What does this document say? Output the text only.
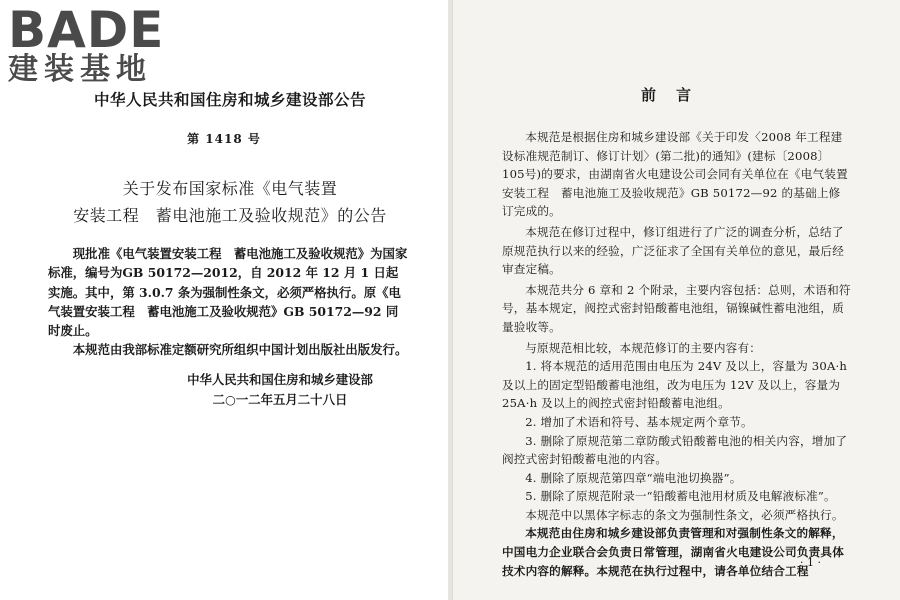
BADE
建装基地
中华人民共和国住房和城乡建设部公告
第 1418 号
关于发布国家标准《电气装置
安装工程　蓄电池施工及验收规范》的公告

现批准《电气装置安装工程　蓄电池施工及验收规范》为国家标准，编号为GB 50172—2012，自 2012 年 12 月 1 日起实施。其中，第 3.0.7 条为强制性条文，必须严格执行。原《电气装置安装工程　蓄电池施工及验收规范》GB 50172—92 同时废止。

本规范由我部标准定额研究所组织中国计划出版社出版发行。

中华人民共和国住房和城乡建设部
二○一二年五月二十八日
前言

本规范是根据住房和城乡建设部《关于印发〈2008 年工程建设标准规范制订、修订计划〉(第二批)的通知》(建标〔2008〕105号)的要求，由湖南省火电建设公司会同有关单位在《电气装置安装工程　蓄电池施工及验收规范》GB 50172—92 的基础上修订完成的。

本规范在修订过程中，修订组进行了广泛的调查分析，总结了原规范执行以来的经验，广泛征求了全国有关单位的意见，最后经审查定稿。

本规范共分 6 章和 2 个附录，主要内容包括：总则，术语和符号，基本规定，阀控式密封铅酸蓄电池组，镉镍碱性蓄电池组，质量验收等。

与原规范相比较，本规范修订的主要内容有：

1. 将本规范的适用范围由电压为 24V 及以上，容量为 30A·h 及以上的固定型铅酸蓄电池组，改为电压为 12V 及以上，容量为 25A·h 及以上的阀控式密封铅酸蓄电池组。

2. 增加了术语和符号、基本规定两个章节。

3. 删除了原规范第二章防酸式铅酸蓄电池的相关内容，增加了阀控式密封铅酸蓄电池的内容。

4. 删除了原规范第四章“端电池切换器”。

5. 删除了原规范附录一“铅酸蓄电池用材质及电解液标准”。

本规范中以黑体字标志的条文为强制性条文，必须严格执行。

本规范由住房和城乡建设部负责管理和对强制性条文的解释，中国电力企业联合会负责日常管理，湖南省火电建设公司负责具体技术内容的解释。本规范在执行过程中，请各单位结合工程

· 1 ·
